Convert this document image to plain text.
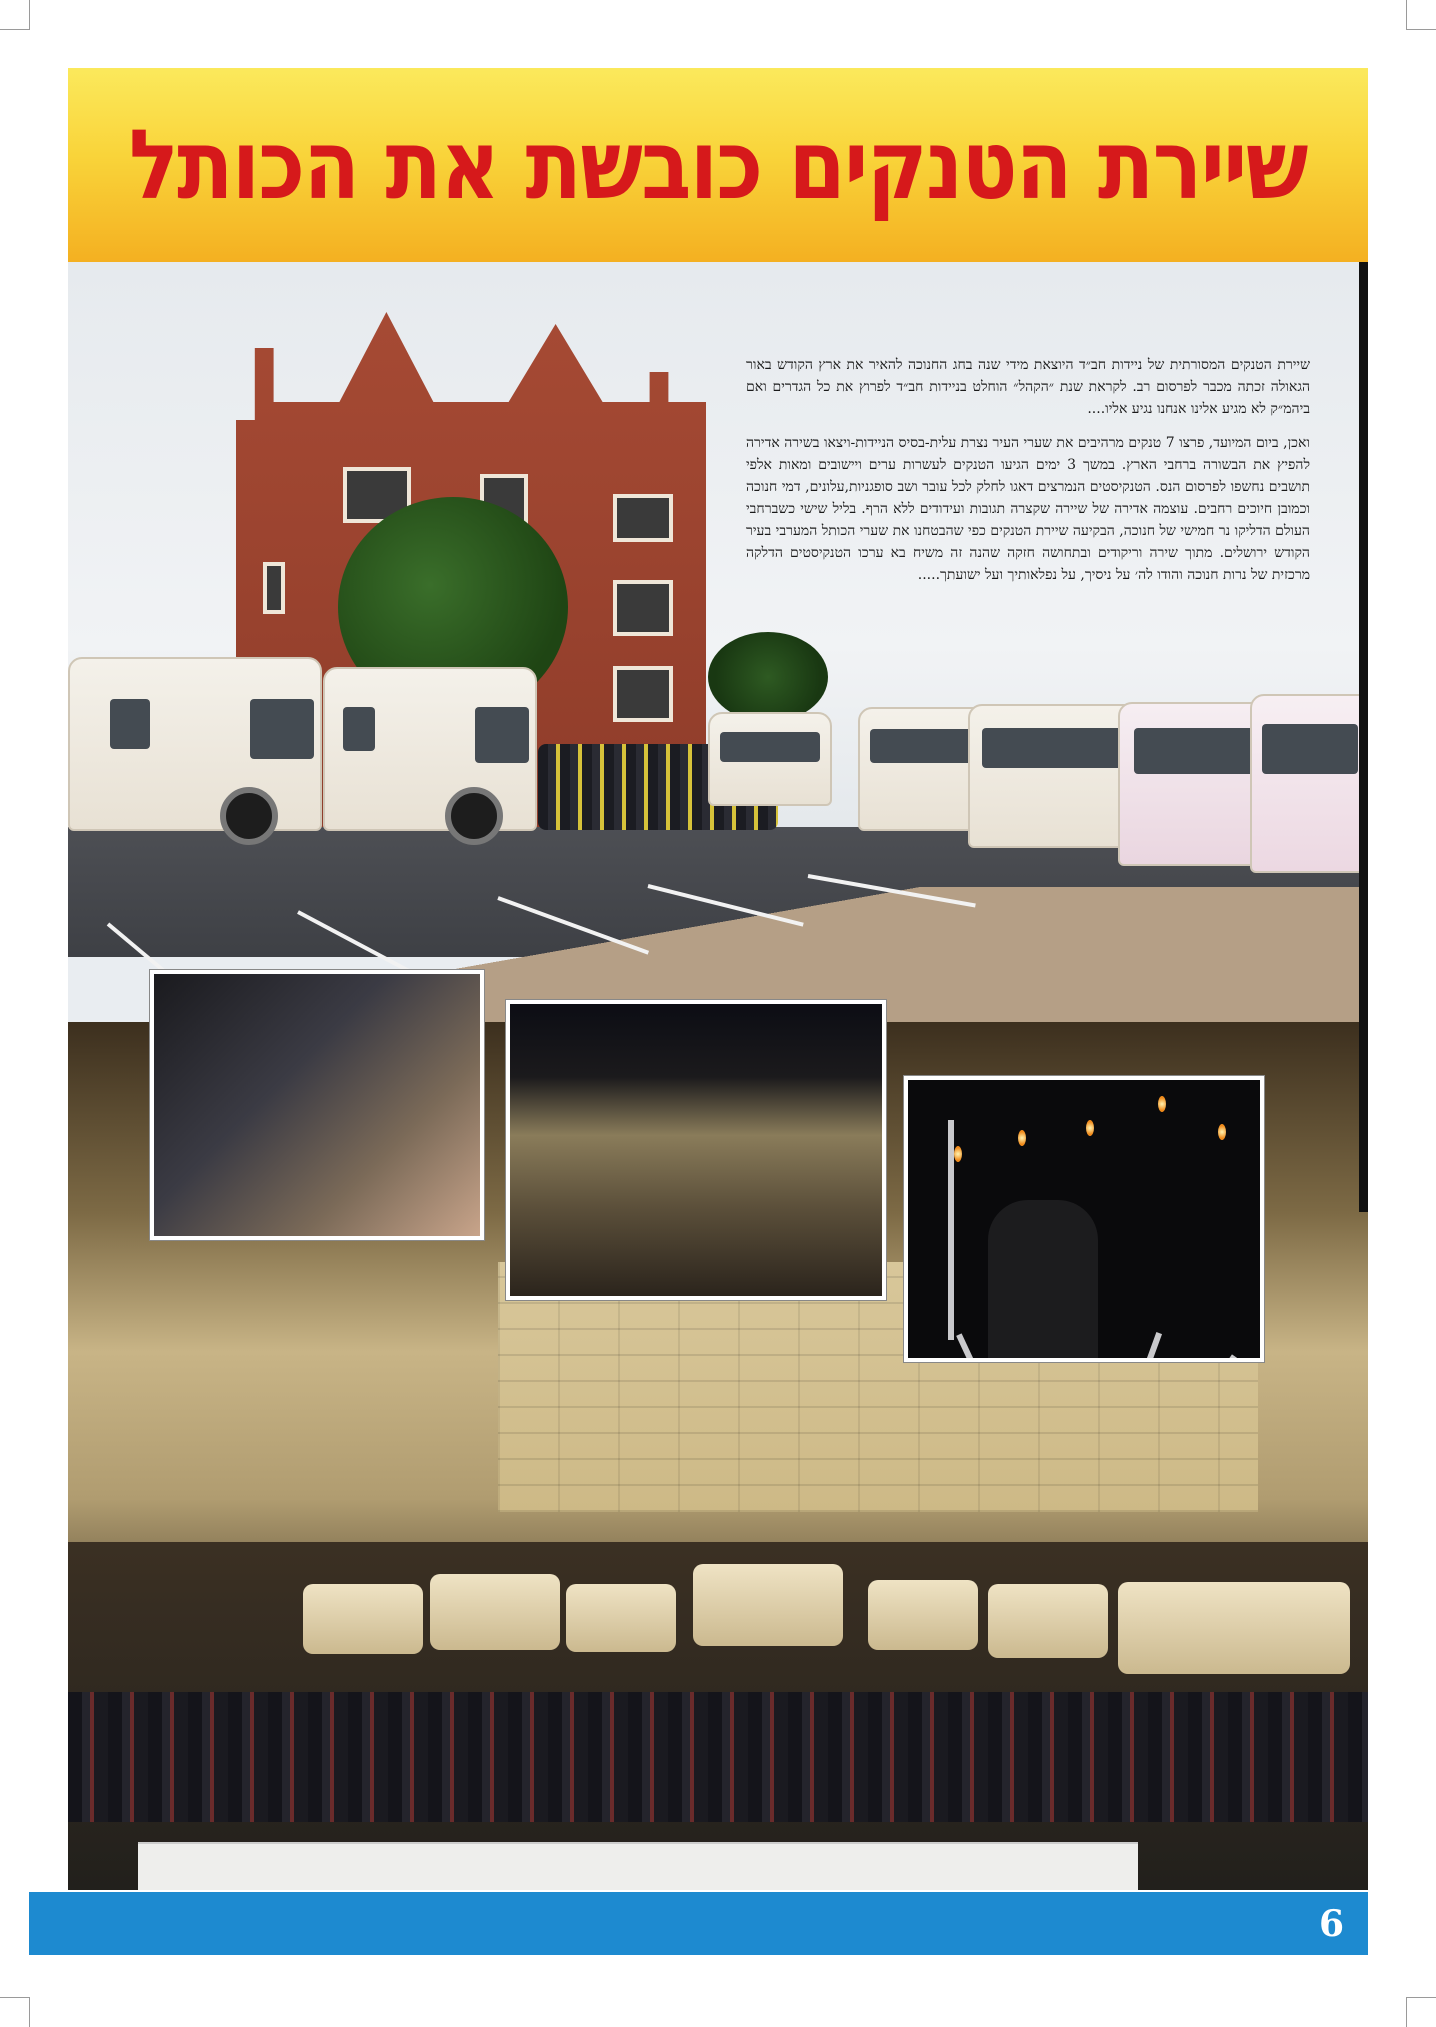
שיירת הטנקים כובשת את הכותל

שיירת הטנקים המסורתית של ניידות חב״ד היוצאת מידי שנה בחג החנוכה להאיר את ארץ הקודש באור הגאולה זכתה מכבר לפרסום רב. לקראת שנת ״הקהל״ הוחלט בניידות חב״ד לפרוץ את כל הגדרים ואם ביהמ״ק לא מגיע אלינו אנחנו נגיע אליו....

ואכן, ביום המיועד, פרצו 7 טנקים מרהיבים את שערי העיר נצרת עלית-בסיס הניידות-ויצאו בשירה אדירה להפיץ את הבשורה ברחבי הארץ. במשך 3 ימים הגיעו הטנקים לעשרות ערים ויישובים ומאות אלפי תושבים נחשפו לפרסום הנס. הטנקיסטים הנמרצים דאגו לחלק לכל עובר ושב סופגניות,עלונים, דמי חנוכה וכמובן חיוכים רחבים. עוצמה אדירה של שיירה שקצרה תגובות ועידודים ללא הרף. בליל שישי כשברחבי העולם הדליקו נר חמישי של חנוכה, הבקיעה שיירת הטנקים כפי שהבטחנו את שערי הכותל המערבי בעיר הקודש ירושלים. מתוך שירה וריקודים ובתחושה חזקה שהנה זה משיח בא ערכו הטנקיסטים הדלקה מרכזית של נרות חנוכה והודו לה׳ על ניסיך, על נפלאותיך ועל ישועתך.....

6
